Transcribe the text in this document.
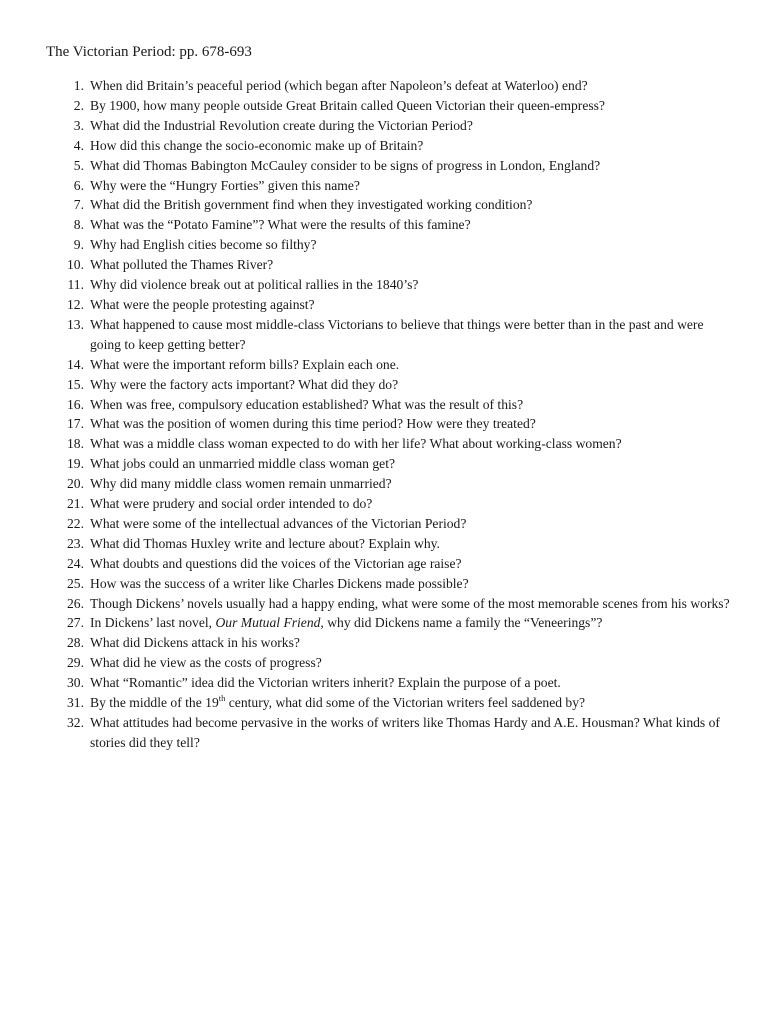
The Victorian Period: pp. 678-693
1. When did Britain’s peaceful period (which began after Napoleon’s defeat at Waterloo) end?
2. By 1900, how many people outside Great Britain called Queen Victorian their queen-empress?
3. What did the Industrial Revolution create during the Victorian Period?
4. How did this change the socio-economic make up of Britain?
5. What did Thomas Babington McCauley consider to be signs of progress in London, England?
6. Why were the “Hungry Forties” given this name?
7. What did the British government find when they investigated working condition?
8. What was the “Potato Famine”? What were the results of this famine?
9. Why had English cities become so filthy?
10. What polluted the Thames River?
11. Why did violence break out at political rallies in the 1840’s?
12. What were the people protesting against?
13. What happened to cause most middle-class Victorians to believe that things were better than in the past and were going to keep getting better?
14. What were the important reform bills? Explain each one.
15. Why were the factory acts important? What did they do?
16. When was free, compulsory education established? What was the result of this?
17. What was the position of women during this time period? How were they treated?
18. What was a middle class woman expected to do with her life? What about working-class women?
19. What jobs could an unmarried middle class woman get?
20. Why did many middle class women remain unmarried?
21. What were prudery and social order intended to do?
22. What were some of the intellectual advances of the Victorian Period?
23. What did Thomas Huxley write and lecture about? Explain why.
24. What doubts and questions did the voices of the Victorian age raise?
25. How was the success of a writer like Charles Dickens made possible?
26. Though Dickens’ novels usually had a happy ending, what were some of the most memorable scenes from his works?
27. In Dickens’ last novel, Our Mutual Friend, why did Dickens name a family the “Veneerings”?
28. What did Dickens attack in his works?
29. What did he view as the costs of progress?
30. What “Romantic” idea did the Victorian writers inherit? Explain the purpose of a poet.
31. By the middle of the 19th century, what did some of the Victorian writers feel saddened by?
32. What attitudes had become pervasive in the works of writers like Thomas Hardy and A.E. Housman? What kinds of stories did they tell?
